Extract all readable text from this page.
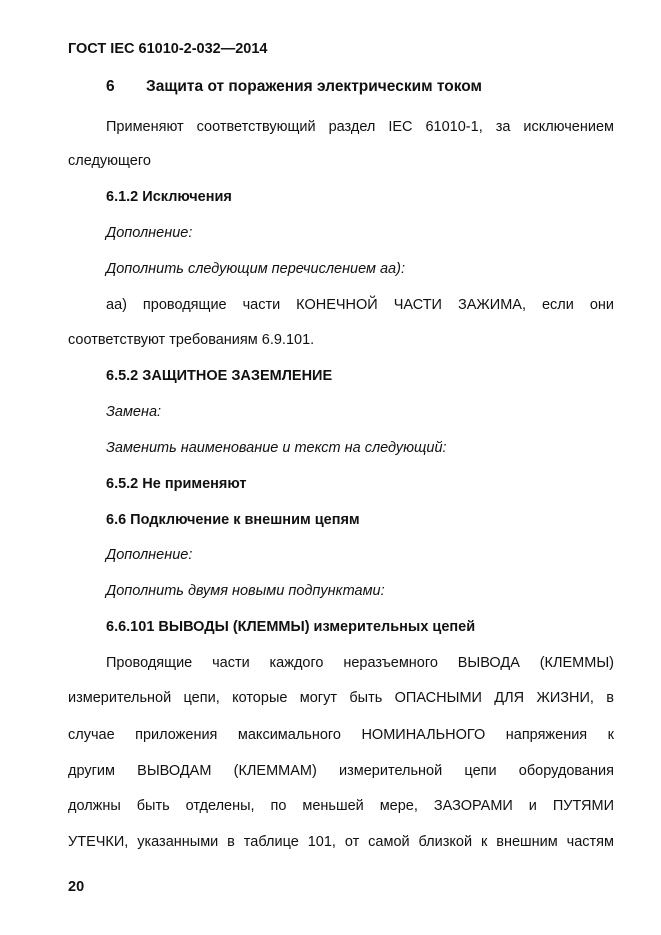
ГОСТ IEC 61010-2-032—2014
6 Защита от поражения электрическим током
Применяют соответствующий раздел IEC 61010-1, за исключением
следующего
6.1.2 Исключения
Дополнение:
Дополнить следующим перечислением аа):
аа) проводящие части КОНЕЧНОЙ ЧАСТИ ЗАЖИМА, если они
соответствуют требованиям 6.9.101.
6.5.2 ЗАЩИТНОЕ ЗАЗЕМЛЕНИЕ
Замена:
Заменить наименование и текст на следующий:
6.5.2 Не применяют
6.6 Подключение к внешним цепям
Дополнение:
Дополнить двумя новыми подпунктами:
6.6.101 ВЫВОДЫ (КЛЕММЫ) измерительных цепей
Проводящие части каждого неразъемного ВЫВОДА (КЛЕММЫ)
измерительной цепи, которые могут быть ОПАСНЫМИ ДЛЯ ЖИЗНИ, в
случае приложения максимального НОМИНАЛЬНОГО напряжения к
другим ВЫВОДАМ (КЛЕММАМ) измерительной цепи оборудования
должны быть отделены, по меньшей мере, ЗАЗОРАМИ и ПУТЯМИ
УТЕЧКИ, указанными в таблице 101, от самой близкой к внешним частям
20
